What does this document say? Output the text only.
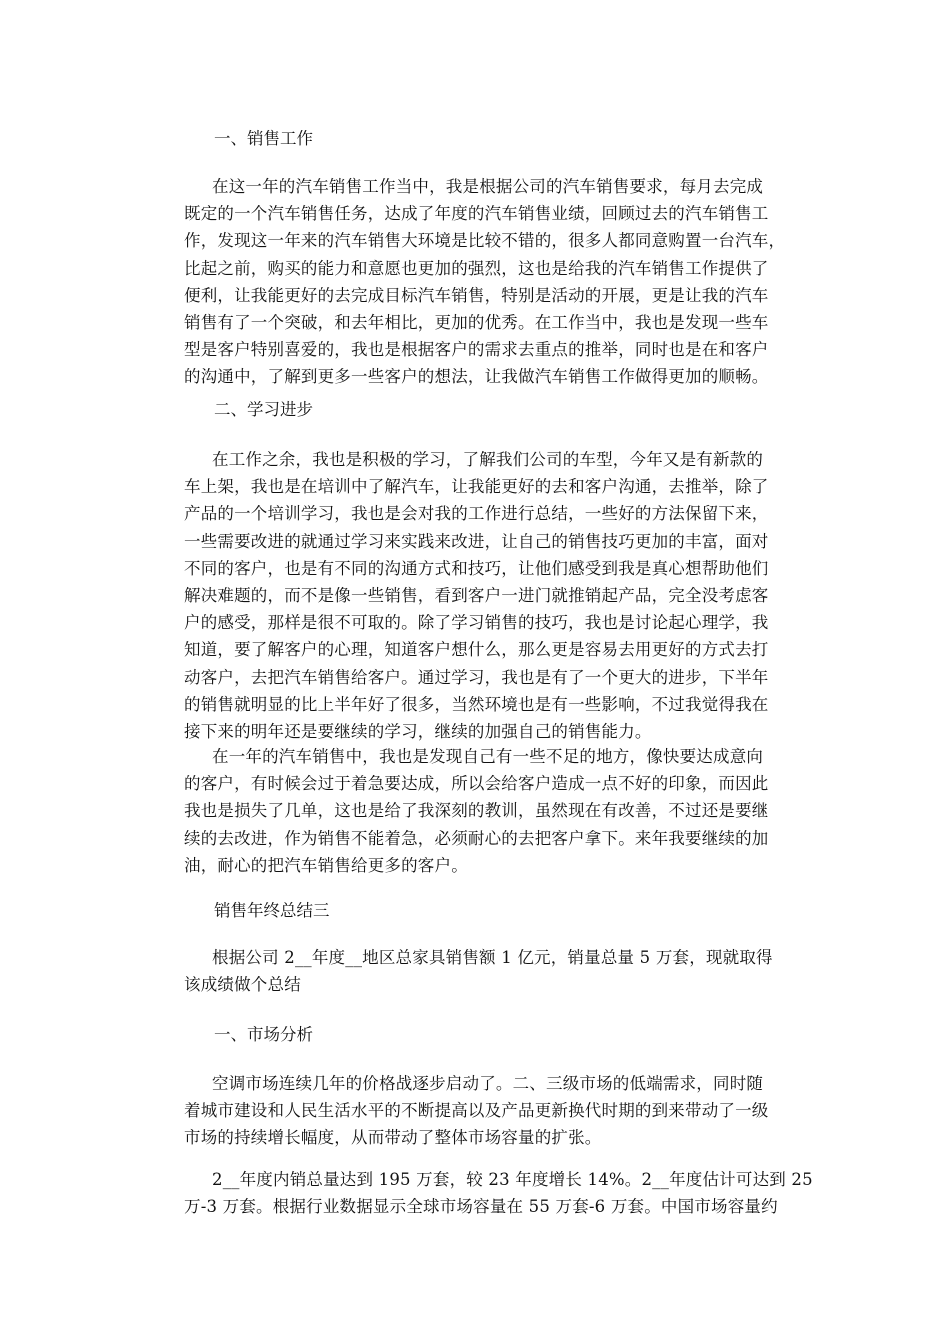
一、销售工作
在这一年的汽车销售工作当中，我是根据公司的汽车销售要求，每月去完成
既定的一个汽车销售任务，达成了年度的汽车销售业绩，回顾过去的汽车销售工
作，发现这一年来的汽车销售大环境是比较不错的，很多人都同意购置一台汽车，
比起之前，购买的能力和意愿也更加的强烈，这也是给我的汽车销售工作提供了
便利，让我能更好的去完成目标汽车销售，特别是活动的开展，更是让我的汽车
销售有了一个突破，和去年相比，更加的优秀。在工作当中，我也是发现一些车
型是客户特别喜爱的，我也是根据客户的需求去重点的推举，同时也是在和客户
的沟通中，了解到更多一些客户的想法，让我做汽车销售工作做得更加的顺畅。
二、学习进步
在工作之余，我也是积极的学习，了解我们公司的车型，今年又是有新款的
车上架，我也是在培训中了解汽车，让我能更好的去和客户沟通，去推举，除了
产品的一个培训学习，我也是会对我的工作进行总结，一些好的方法保留下来，
一些需要改进的就通过学习来实践来改进，让自己的销售技巧更加的丰富，面对
不同的客户，也是有不同的沟通方式和技巧，让他们感受到我是真心想帮助他们
解决难题的，而不是像一些销售，看到客户一进门就推销起产品，完全没考虑客
户的感受，那样是很不可取的。除了学习销售的技巧，我也是讨论起心理学，我
知道，要了解客户的心理，知道客户想什么，那么更是容易去用更好的方式去打
动客户，去把汽车销售给客户。通过学习，我也是有了一个更大的进步，下半年
的销售就明显的比上半年好了很多，当然环境也是有一些影响，不过我觉得我在
接下来的明年还是要继续的学习，继续的加强自己的销售能力。
在一年的汽车销售中，我也是发现自己有一些不足的地方，像快要达成意向
的客户，有时候会过于着急要达成，所以会给客户造成一点不好的印象，而因此
我也是损失了几单，这也是给了我深刻的教训，虽然现在有改善，不过还是要继
续的去改进，作为销售不能着急，必须耐心的去把客户拿下。来年我要继续的加
油，耐心的把汽车销售给更多的客户。
销售年终总结三
根据公司 2__年度__地区总家具销售额 1 亿元，销量总量 5 万套，现就取得
该成绩做个总结
一、市场分析
空调市场连续几年的价格战逐步启动了。二、三级市场的低端需求，同时随
着城市建设和人民生活水平的不断提高以及产品更新换代时期的到来带动了一级
市场的持续增长幅度，从而带动了整体市场容量的扩张。
2__年度内销总量达到 195 万套，较 23 年度增长 14%。2__年度估计可达到 25
万-3 万套。根据行业数据显示全球市场容量在 55 万套-6 万套。中国市场容量约
